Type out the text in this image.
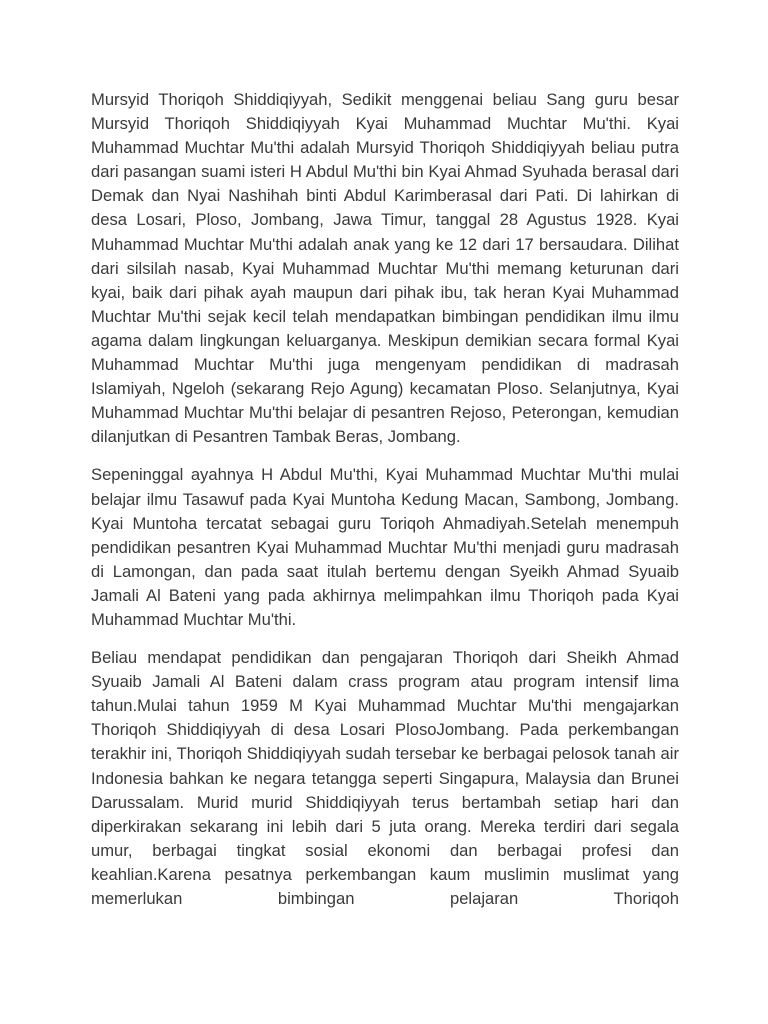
Mursyid Thoriqoh Shiddiqiyyah, Sedikit menggenai beliau Sang guru besar Mursyid Thoriqoh Shiddiqiyyah Kyai Muhammad Muchtar Mu'thi. Kyai Muhammad Muchtar Mu'thi adalah Mursyid Thoriqoh Shiddiqiyyah beliau putra dari pasangan suami isteri H Abdul Mu'thi bin Kyai Ahmad Syuhada berasal dari Demak dan Nyai Nashihah binti Abdul Karimberasal dari Pati. Di lahirkan di desa Losari, Ploso, Jombang, Jawa Timur, tanggal 28 Agustus 1928. Kyai Muhammad Muchtar Mu'thi adalah anak yang ke 12 dari 17 bersaudara. Dilihat dari silsilah nasab, Kyai Muhammad Muchtar Mu'thi memang keturunan dari kyai, baik dari pihak ayah maupun dari pihak ibu, tak heran Kyai Muhammad Muchtar Mu'thi sejak kecil telah mendapatkan bimbingan pendidikan ilmu ilmu agama dalam lingkungan keluarganya. Meskipun demikian secara formal Kyai Muhammad Muchtar Mu'thi juga mengenyam pendidikan di madrasah Islamiyah, Ngeloh (sekarang Rejo Agung) kecamatan Ploso. Selanjutnya, Kyai Muhammad Muchtar Mu'thi belajar di pesantren Rejoso, Peterongan, kemudian dilanjutkan di Pesantren Tambak Beras, Jombang.

Sepeninggal ayahnya H Abdul Mu'thi, Kyai Muhammad Muchtar Mu'thi mulai belajar ilmu Tasawuf pada Kyai Muntoha Kedung Macan, Sambong, Jombang. Kyai Muntoha tercatat sebagai guru Toriqoh Ahmadiyah.Setelah menempuh pendidikan pesantren Kyai Muhammad Muchtar Mu'thi menjadi guru madrasah di Lamongan, dan pada saat itulah bertemu dengan Syeikh Ahmad Syuaib Jamali Al Bateni yang pada akhirnya melimpahkan ilmu Thoriqoh pada Kyai Muhammad Muchtar Mu'thi.

Beliau mendapat pendidikan dan pengajaran Thoriqoh dari Sheikh Ahmad Syuaib Jamali Al Bateni dalam crass program atau program intensif lima tahun.Mulai tahun 1959 M Kyai Muhammad Muchtar Mu'thi mengajarkan Thoriqoh Shiddiqiyyah di desa Losari PlosoJombang. Pada perkembangan terakhir ini, Thoriqoh Shiddiqiyyah sudah tersebar ke berbagai pelosok tanah air Indonesia bahkan ke negara tetangga seperti Singapura, Malaysia dan Brunei Darussalam. Murid murid Shiddiqiyyah terus bertambah setiap hari dan diperkirakan sekarang ini lebih dari 5 juta orang. Mereka terdiri dari segala umur, berbagai tingkat sosial ekonomi dan berbagai profesi dan keahlian.Karena pesatnya perkembangan kaum muslimin muslimat yang memerlukan bimbingan pelajaran Thoriqoh
